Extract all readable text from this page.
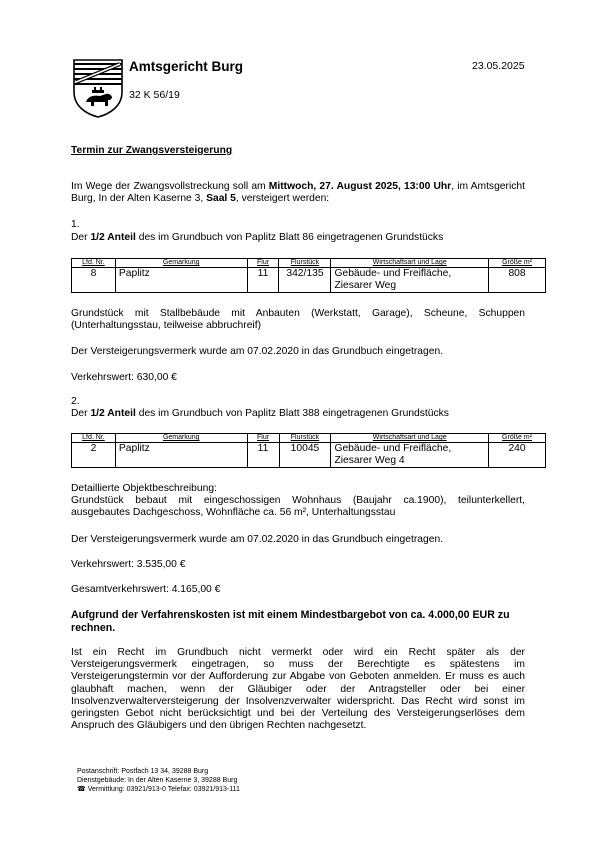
Amtsgericht Burg
32 K 56/19
23.05.2025
Termin zur Zwangsversteigerung
Im Wege der Zwangsvollstreckung soll am Mittwoch, 27. August 2025, 13:00 Uhr, im Amtsgericht Burg, In der Alten Kaserne 3, Saal 5, versteigert werden:
1.
Der 1/2 Anteil des im Grundbuch von Paplitz Blatt 86 eingetragenen Grundstücks
Lfd. Nr.	Gemarkung	Flur	Flurstück	Wirtschaftsart und Lage	Größe m²
8	Paplitz	11	342/135	Gebäude- und Freifläche, Ziesarer Weg	808
Grundstück mit Stallbebäude mit Anbauten (Werkstatt, Garage), Scheune, Schuppen (Unterhaltungsstau, teilweise abbruchreif)
Der Versteigerungsvermerk wurde am 07.02.2020 in das Grundbuch eingetragen.
Verkehrswert: 630,00 €
2.
Der 1/2 Anteil des im Grundbuch von Paplitz Blatt 388 eingetragenen Grundstücks
Lfd. Nr.	Gemarkung	Flur	Flurstück	Wirtschaftsart und Lage	Größe m²
2	Paplitz	11	10045	Gebäude- und Freifläche, Ziesarer Weg 4	240
Detaillierte Objektbeschreibung:
Grundstück bebaut mit eingeschossigen Wohnhaus (Baujahr ca.1900), teilunterkellert, ausgebautes Dachgeschoss, Wohnfläche ca. 56 m², Unterhaltungsstau
Der Versteigerungsvermerk wurde am 07.02.2020 in das Grundbuch eingetragen.
Verkehrswert: 3.535,00 €
Gesamtverkehrswert: 4.165,00 €
Aufgrund der Verfahrenskosten ist mit einem Mindestbargebot von ca. 4.000,00 EUR zu rechnen.
Ist ein Recht im Grundbuch nicht vermerkt oder wird ein Recht später als der Versteigerungsvermerk eingetragen, so muss der Berechtigte es spätestens im Versteigerungstermin vor der Aufforderung zur Abgabe von Geboten anmelden. Er muss es auch glaubhaft machen, wenn der Gläubiger oder der Antragsteller oder bei einer Insolvenzverwalterversteigerung der Insolvenzverwalter widerspricht. Das Recht wird sonst im geringsten Gebot nicht berücksichtigt und bei der Verteilung des Versteigerungserlöses dem Anspruch des Gläubigers und den übrigen Rechten nachgesetzt.
Postanschrift: Postfach 13 34, 39288 Burg
Dienstgebäude: In der Alten Kaserne 3, 39288 Burg
☎ Vermittlung: 03921/913-0 Telefax: 03921/913-111
